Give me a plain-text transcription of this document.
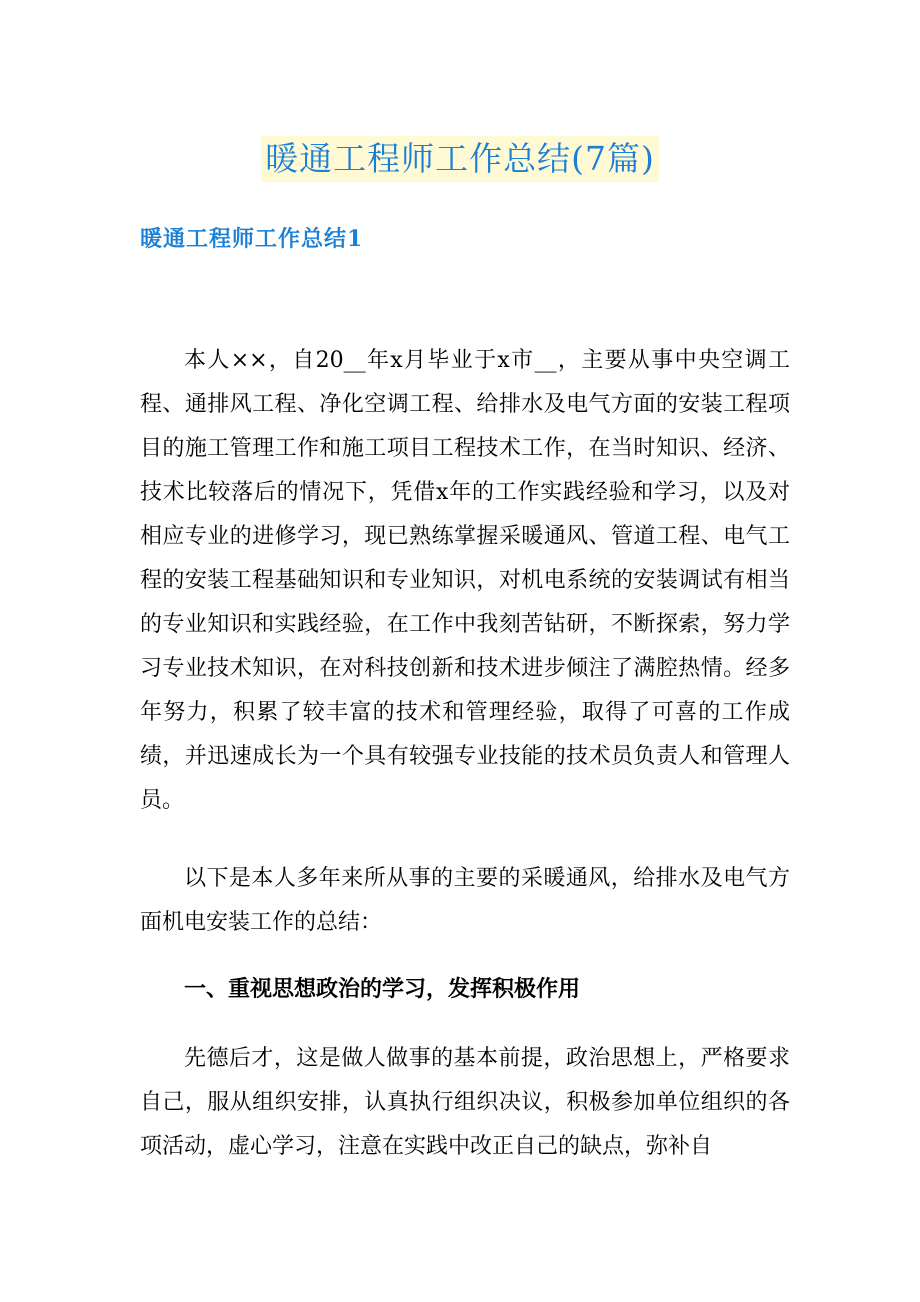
暖通工程师工作总结(7篇)
暖通工程师工作总结1

本人××，自20__年x月毕业于x市__，主要从事中央空调工程、通排风工程、净化空调工程、给排水及电气方面的安装工程项目的施工管理工作和施工项目工程技术工作，在当时知识、经济、技术比较落后的情况下，凭借x年的工作实践经验和学习，以及对相应专业的进修学习，现已熟练掌握采暖通风、管道工程、电气工程的安装工程基础知识和专业知识，对机电系统的安装调试有相当的专业知识和实践经验，在工作中我刻苦钻研，不断探索，努力学习专业技术知识，在对科技创新和技术进步倾注了满腔热情。经多年努力，积累了较丰富的技术和管理经验，取得了可喜的工作成绩，并迅速成长为一个具有较强专业技能的技术员负责人和管理人员。

以下是本人多年来所从事的主要的采暖通风，给排水及电气方面机电安装工作的总结：

一、重视思想政治的学习，发挥积极作用

先德后才，这是做人做事的基本前提，政治思想上，严格要求自己，服从组织安排，认真执行组织决议，积极参加单位组织的各项活动，虚心学习，注意在实践中改正自己的缺点，弥补自
